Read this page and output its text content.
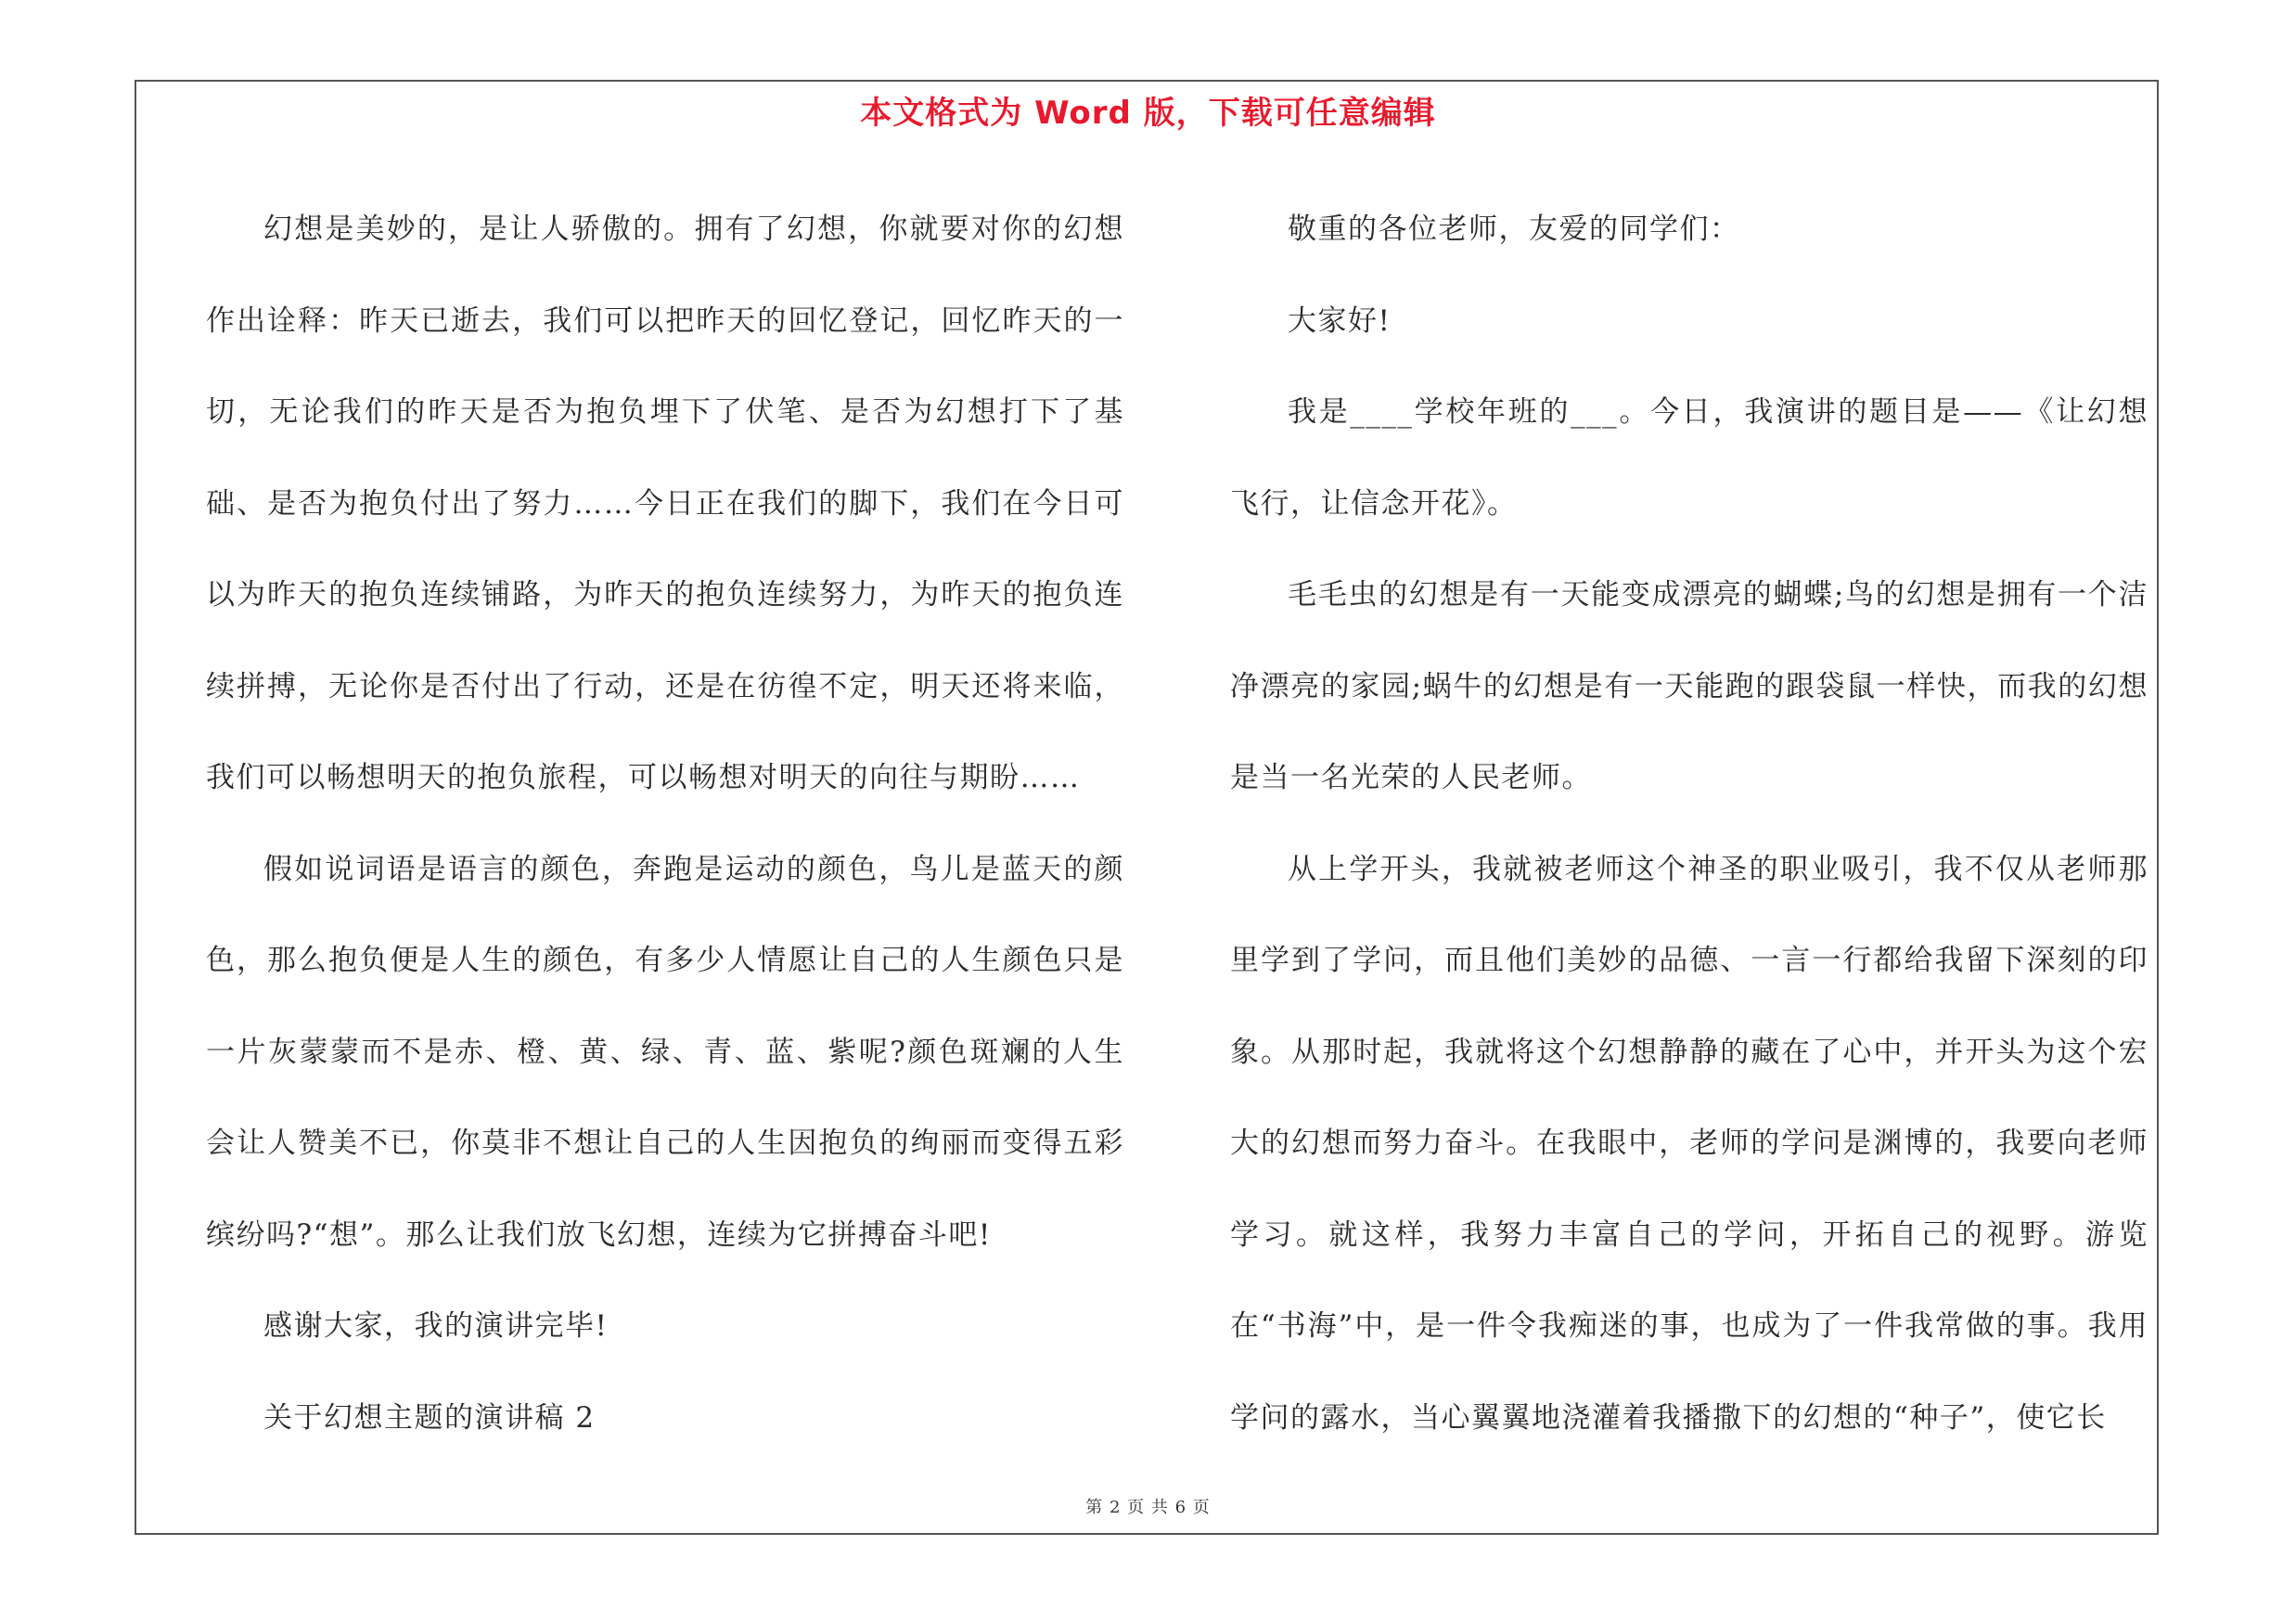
本文格式为 Word 版，下载可任意编辑

幻想是美妙的，是让人骄傲的。拥有了幻想，你就要对你的幻想作出诠释：昨天已逝去，我们可以把昨天的回忆登记，回忆昨天的一切，无论我们的昨天是否为抱负埋下了伏笔、是否为幻想打下了基础、是否为抱负付出了努力……今日正在我们的脚下，我们在今日可以为昨天的抱负连续铺路，为昨天的抱负连续努力，为昨天的抱负连续拼搏，无论你是否付出了行动，还是在彷徨不定，明天还将来临，我们可以畅想明天的抱负旅程，可以畅想对明天的向往与期盼……

假如说词语是语言的颜色，奔跑是运动的颜色，鸟儿是蓝天的颜色，那么抱负便是人生的颜色，有多少人情愿让自己的人生颜色只是一片灰蒙蒙而不是赤、橙、黄、绿、青、蓝、紫呢?颜色斑斓的人生会让人赞美不已，你莫非不想让自己的人生因抱负的绚丽而变得五彩缤纷吗?“想”。那么让我们放飞幻想，连续为它拼搏奋斗吧!

感谢大家，我的演讲完毕!

关于幻想主题的演讲稿 2

敬重的各位老师，友爱的同学们：

大家好!

我是____学校年班的___。今日，我演讲的题目是——《让幻想飞行，让信念开花》。

毛毛虫的幻想是有一天能变成漂亮的蝴蝶;鸟的幻想是拥有一个洁净漂亮的家园;蜗牛的幻想是有一天能跑的跟袋鼠一样快，而我的幻想是当一名光荣的人民老师。

从上学开头，我就被老师这个神圣的职业吸引，我不仅从老师那里学到了学问，而且他们美妙的品德、一言一行都给我留下深刻的印象。从那时起，我就将这个幻想静静的藏在了心中，并开头为这个宏大的幻想而努力奋斗。在我眼中，老师的学问是渊博的，我要向老师学习。就这样，我努力丰富自己的学问，开拓自己的视野。游览在“书海”中，是一件令我痴迷的事，也成为了一件我常做的事。我用学问的露水，当心翼翼地浇灌着我播撒下的幻想的“种子”，使它长

第 2 页 共 6 页
